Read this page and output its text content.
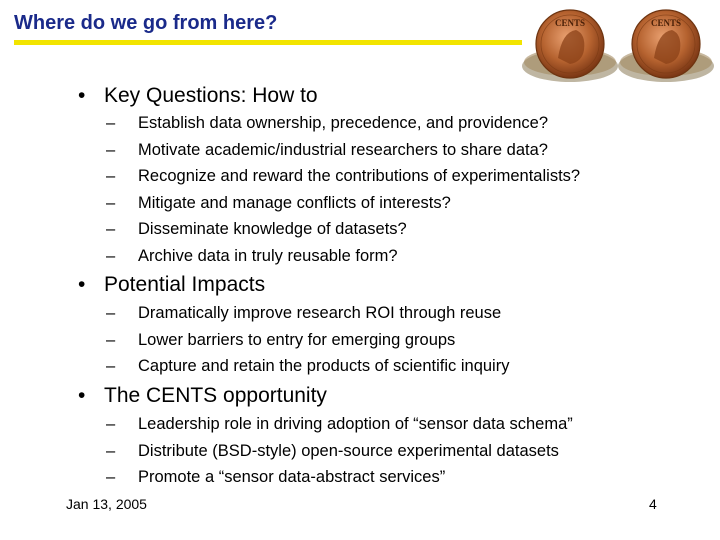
Where do we go from here?	CENTS	CENTS
• Key Questions: How to
– Establish data ownership, precedence, and providence?
– Motivate academic/industrial researchers to share data?
– Recognize and reward the contributions of experimentalists?
– Mitigate and manage conflicts of interests?
– Disseminate knowledge of datasets?
– Archive data in truly reusable form?
• Potential Impacts
– Dramatically improve research ROI through reuse
– Lower barriers to entry for emerging groups
– Capture and retain the products of scientific inquiry
• The CENTS opportunity
– Leadership role in driving adoption of “sensor data schema”
– Distribute (BSD-style) open-source experimental datasets
– Promote a “sensor data-abstract services”
Jan 13, 2005	4
